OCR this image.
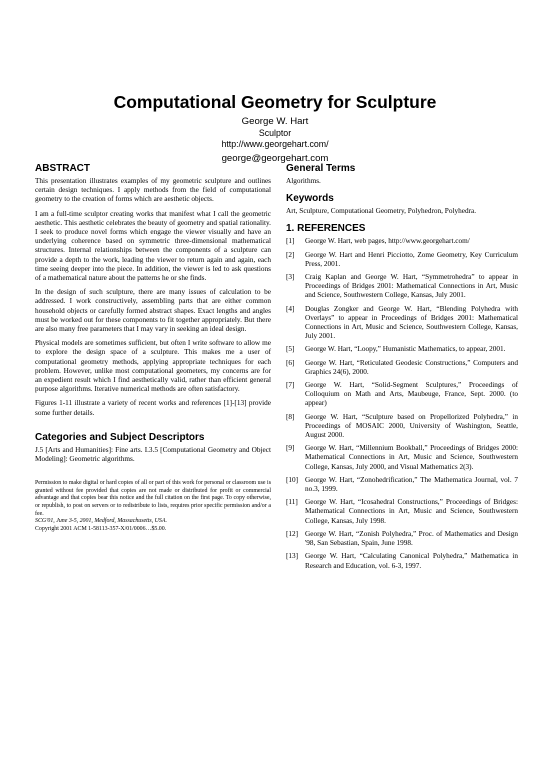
Computational Geometry for Sculpture
George W. Hart
Sculptor
http://www.georgehart.com/
george@georgehart.com
ABSTRACT

This presentation illustrates examples of my geometric sculpture and outlines certain design techniques. I apply methods from the field of computational geometry to the creation of forms which are aesthetic objects.

I am a full-time sculptor creating works that manifest what I call the geometric aesthetic. This aesthetic celebrates the beauty of geometry and spatial rationality. I seek to produce novel forms which engage the viewer visually and have an underlying coherence based on symmetric three-dimensional mathematical structures. Internal relationships between the components of a sculpture can provide a depth to the work, leading the viewer to return again and again, each time seeing deeper into the piece. In addition, the viewer is led to ask questions of a mathematical nature about the patterns he or she finds.

In the design of such sculpture, there are many issues of calculation to be addressed. I work constructively, assembling parts that are either common household objects or carefully formed abstract shapes. Exact lengths and angles must be worked out for these components to fit together appropriately. But there are also many free parameters that I may vary in seeking an ideal design.

Physical models are sometimes sufficient, but often I write software to allow me to explore the design space of a sculpture. This makes me a user of computational geometry methods, applying appropriate techniques for each problem. However, unlike most computational geometers, my concerns are for an expedient result which I find aesthetically valid, rather than efficient general purpose algorithms. Iterative numerical methods are often satisfactory.

Figures 1-11 illustrate a variety of recent works and references [1]-[13] provide some further details.

Categories and Subject Descriptors

J.5 [Arts and Humanities]: Fine arts. I.3.5 [Computational Geometry and Object Modeling]: Geometric algorithms.

Permission to make digital or hard copies of all or part of this work for personal or classroom use is granted without fee provided that copies are not made or distributed for profit or commercial advantage and that copies bear this notice and the full citation on the first page. To copy otherwise, or republish, to post on servers or to redistribute to lists, requires prior specific permission and/or a fee.

SCG'01, June 3-5, 2001, Medford, Massachusetts, USA.

Copyright 2001 ACM 1-58113-357-X/01/0006…$5.00.

General Terms

Algorithms.

Keywords

Art, Sculpture, Computational Geometry, Polyhedron, Polyhedra.

1. REFERENCES
[1]	George W. Hart, web pages, http://www.georgehart.com/
[2]	George W. Hart and Henri Picciotto, Zome Geometry, Key Curriculum Press, 2001.
[3]	Craig Kaplan and George W. Hart, “Symmetrohedra” to appear in Proceedings of Bridges 2001: Mathematical Connections in Art, Music and Science, Southwestern College, Kansas, July 2001.
[4]	Douglas Zongker and George W. Hart, “Blending Polyhedra with Overlays” to appear in Proceedings of Bridges 2001: Mathematical Connections in Art, Music and Science, Southwestern College, Kansas, July 2001.
[5]	George W. Hart, “Loopy,” Humanistic Mathematics, to appear, 2001.
[6]	George W. Hart, “Reticulated Geodesic Constructions,” Computers and Graphics 24(6), 2000.
[7]	George W. Hart, “Solid-Segment Sculptures,” Proceedings of Colloquium on Math and Arts, Maubeuge, France, Sept. 2000. (to appear)
[8]	George W. Hart, “Sculpture based on Propellorized Polyhedra,” in Proceedings of MOSAIC 2000, University of Washington, Seattle, August 2000.
[9]	George W. Hart, “Millennium Bookball,” Proceedings of Bridges 2000: Mathematical Connections in Art, Music and Science, Southwestern College, Kansas, July 2000, and Visual Mathematics 2(3).
[10] George W. Hart, “Zonohedrification,” The Mathematica Journal, vol. 7 no.3, 1999.
[11] George W. Hart, “Icosahedral Constructions,” Proceedings of Bridges: Mathematical Connections in Art, Music and Science, Southwestern College, Kansas, July 1998.
[12] George W. Hart, “Zonish Polyhedra,” Proc. of Mathematics and Design '98, San Sebastian, Spain, June 1998.
[13] George W. Hart, “Calculating Canonical Polyhedra,” Mathematica in Research and Education, vol. 6-3, 1997.
